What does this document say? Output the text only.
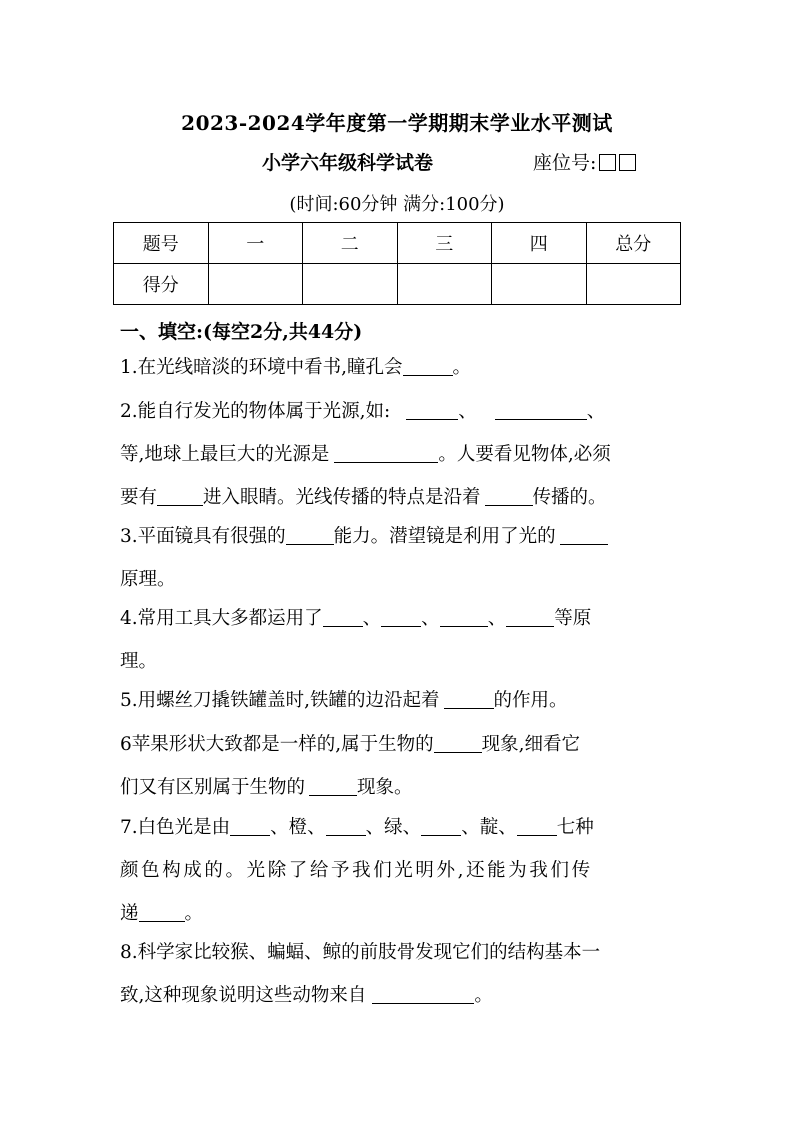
2023-2024学年度第一学期期末学业水平测试
小学六年级科学试卷	座位号:
(时间:60分钟 满分:100分)
题号	一	二	三	四	总分
得分					
一、填空:(每空2分,共44分)
1.在光线暗淡的环境中看书,瞳孔会	。
2.能自行发光的物体属于光源,如:	、	、
等,地球上最巨大的光源是	。人要看见物体,必须
要有 进入眼睛。光线传播的特点是沿着	传播的。
3.平面镜具有很强的	能力。潜望镜是利用了光的
原理。
4.常用工具大多都运用了 、 、	、	等原
理。
5.用螺丝刀撬铁罐盖时,铁罐的边沿起着	的作用。
6苹果形状大致都是一样的,属于生物的	现象,细看它
们又有区别属于生物的	现象。
7.白色光是由 、橙、 、绿、 、靛、 七种
颜色构成的。光除了给予我们光明外,还能为我们传
递 。
8.科学家比较猴、蝙蝠、鲸的前肢骨发现它们的结构基本一
致,这种现象说明这些动物来自	。
